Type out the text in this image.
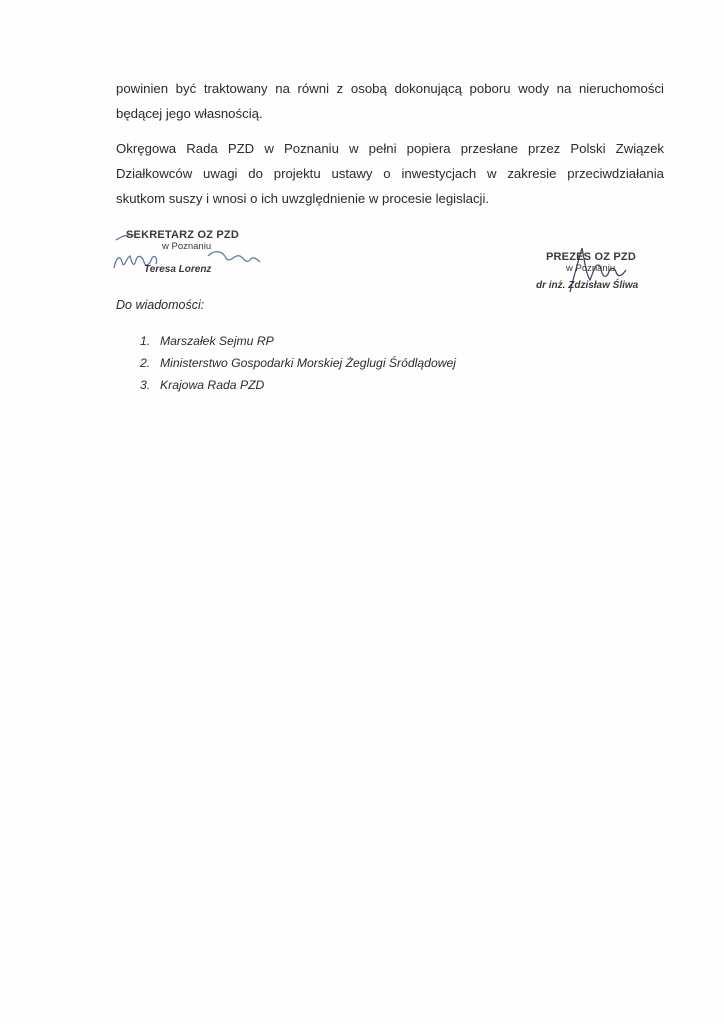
powinien być traktowany na równi z osobą dokonującą poboru wody na nieruchomości
będącej jego własnością.

Okręgowa Rada PZD w Poznaniu w pełni popiera przesłane przez Polski Związek
Działkowców uwagi do projektu ustawy o inwestycjach w zakresie przeciwdziałania
skutkom suszy i wnosi o ich uwzględnienie w procesie legislacji.

SEKRETARZ OZ PZD
w Poznaniu
Teresa Lorenz
PREZES OZ PZD
w Poznaniu
dr inż. Zdzisław Śliwa

Do wiadomości:

1. Marszałek Sejmu RP
2. Ministerstwo Gospodarki Morskiej Żeglugi Śródlądowej
3. Krajowa Rada PZD
